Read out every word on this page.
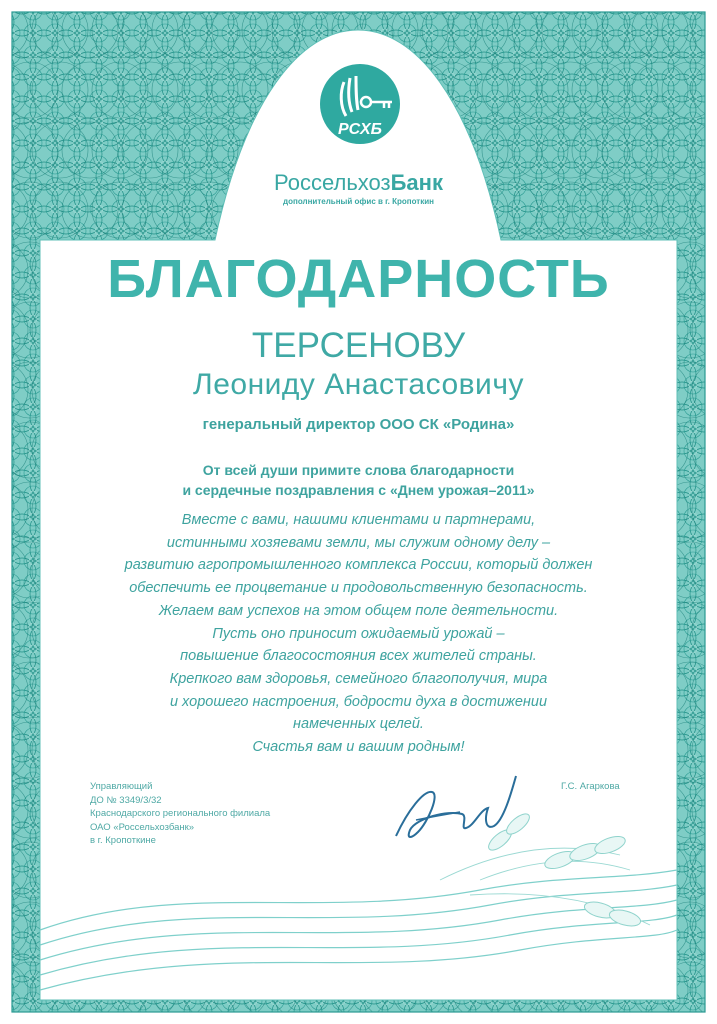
РСХБ
РоссельхозБанк
дополнительный офис в г. Кропоткин
БЛАГОДАРНОСТЬ
ТЕРСЕНОВУ
Леониду Анастасовичу
генеральный директор ООО СК «Родина»
От всей души примите слова благодарности
и сердечные поздравления с «Днем урожая–2011»
Вместе с вами, нашими клиентами и партнерами,
истинными хозяевами земли, мы служим одному делу –
развитию агропромышленного комплекса России, который должен
обеспечить ее процветание и продовольственную безопасность.
Желаем вам успехов на этом общем поле деятельности.
Пусть оно приносит ожидаемый урожай –
повышение благосостояния всех жителей страны.
Крепкого вам здоровья, семейного благополучия, мира
и хорошего настроения, бодрости духа в достижении
намеченных целей.
Счастья вам и вашим родным!
Управляющий
ДО № 3349/3/32
Краснодарского регионального филиала
ОАО «Россельхозбанк»
в г. Кропоткине
Г.С. Агаркова
